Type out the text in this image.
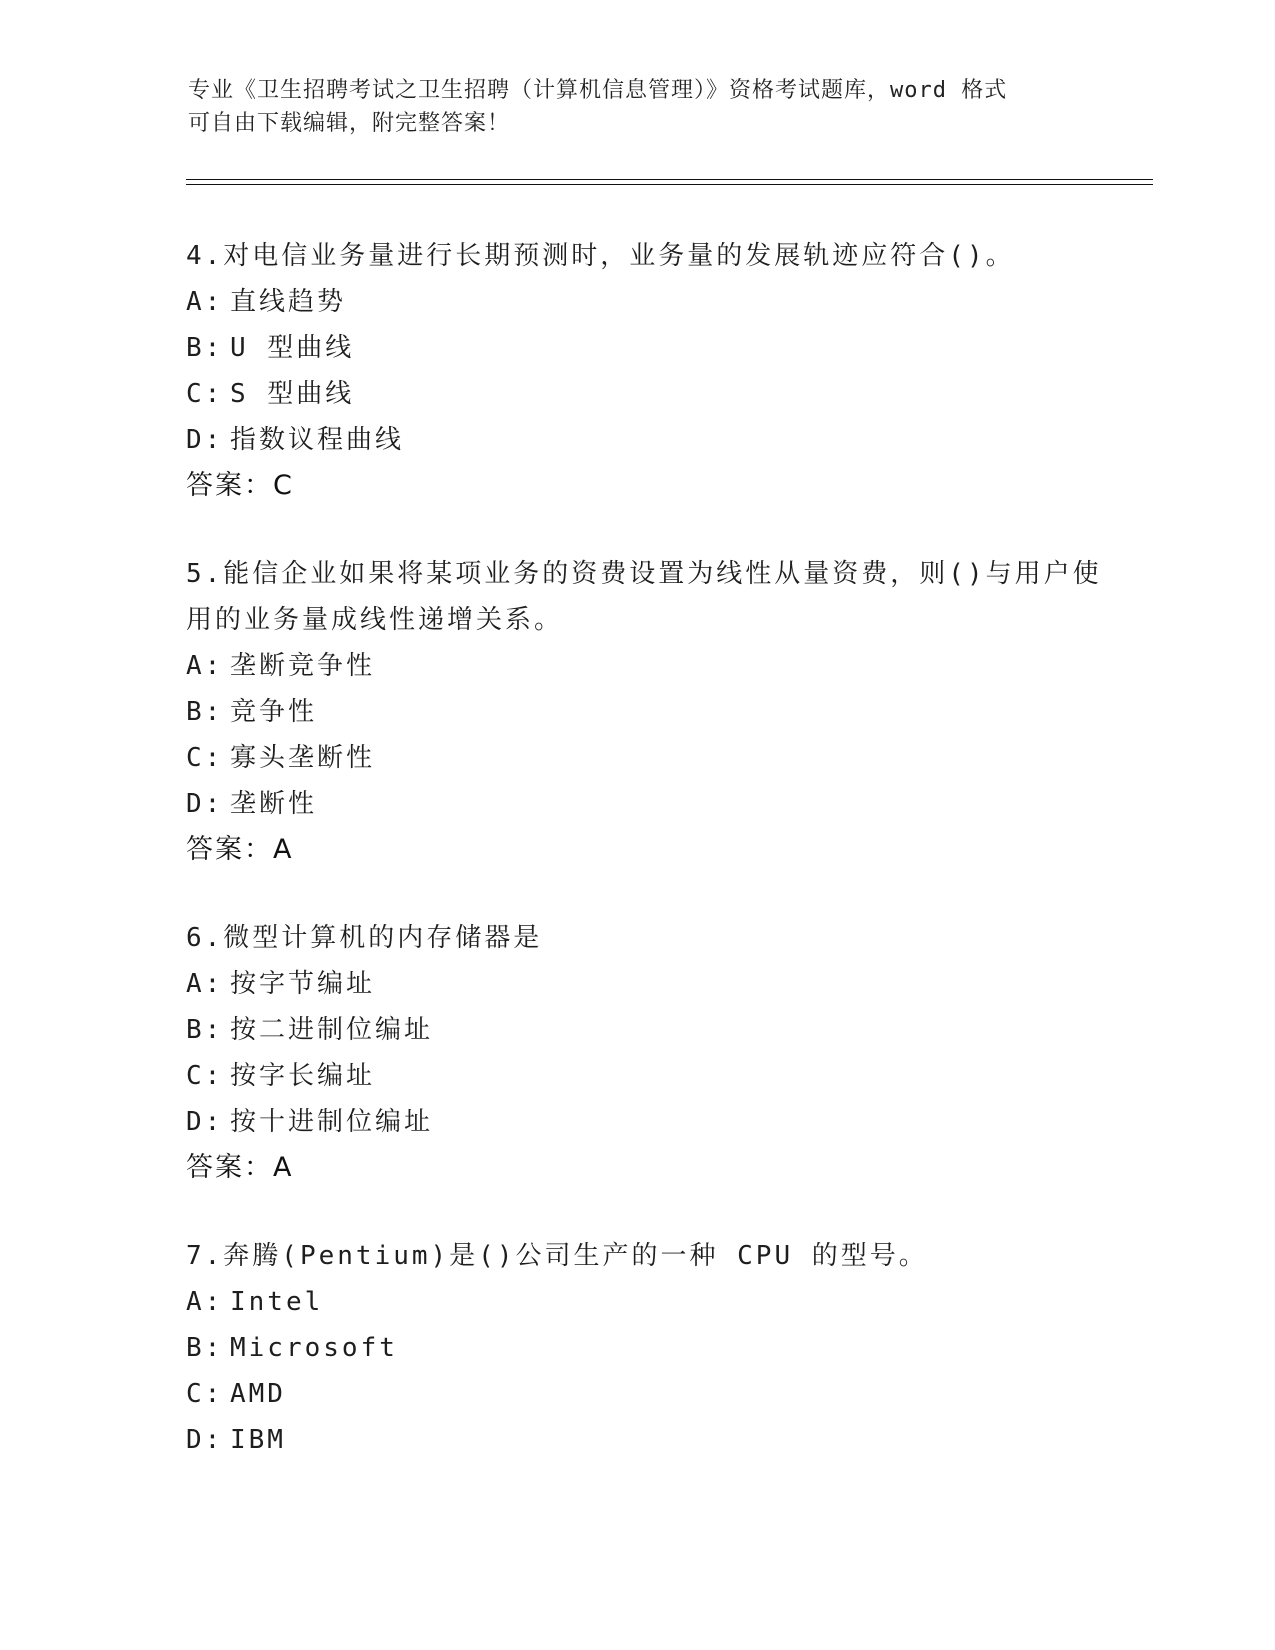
专业《卫生招聘考试之卫生招聘（计算机信息管理）》资格考试题库，word 格式
可自由下载编辑，附完整答案！
4.对电信业务量进行长期预测时，业务量的发展轨迹应符合()。
A: 直线趋势
B: U 型曲线
C: S 型曲线
D: 指数议程曲线
答案：C
5.能信企业如果将某项业务的资费设置为线性从量资费，则()与用户使用的业务量成线性递增关系。
A: 垄断竞争性
B: 竞争性
C: 寡头垄断性
D: 垄断性
答案：A
6.微型计算机的内存储器是
A: 按字节编址
B: 按二进制位编址
C: 按字长编址
D: 按十进制位编址
答案：A
7.奔腾(Pentium)是()公司生产的一种 CPU 的型号。
A: Intel
B: Microsoft
C: AMD
D: IBM
